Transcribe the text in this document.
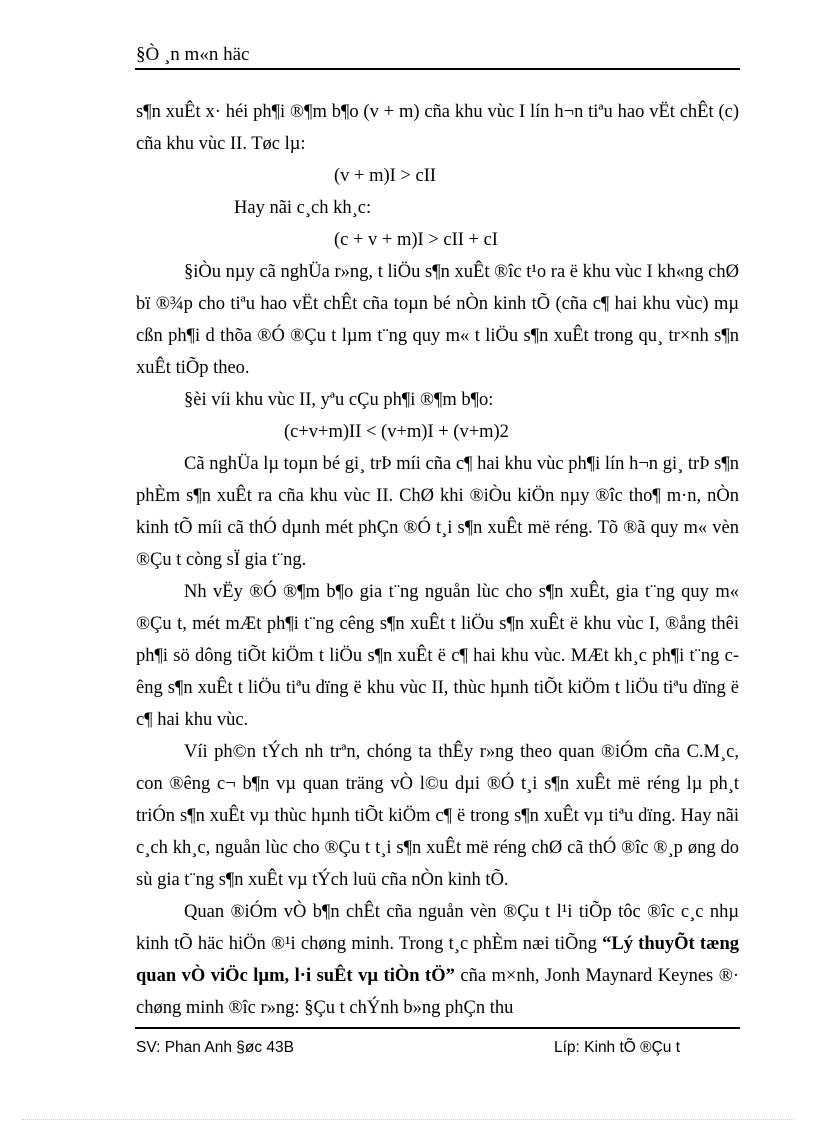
§Ò ¸n m«n häc

s¶n xuÊt x· héi ph¶i ®¶m b¶o (v + m) cña khu vùc I lín h¬n tiªu hao vËt chÊt (c) cña khu vùc II. Tøc lµ:

(v + m)I > cII

Hay nãi c¸ch kh¸c:

(c + v + m)I > cII + cI

§iÒu nµy cã nghÜa r»ng, t liÖu s¶n xuÊt ®îc t¹o ra ë khu vùc I kh«ng chØ bï ®¾p cho tiªu hao vËt chÊt cña toµn bé nÒn kinh tÕ (cña c¶ hai khu vùc) mµ cßn ph¶i d thõa ®Ó ®Çu t lµm t¨ng quy m« t liÖu s¶n xuÊt trong qu¸ tr×nh s¶n xuÊt tiÕp theo.

§èi víi khu vùc II, yªu cÇu ph¶i ®¶m b¶o:

(c+v+m)II < (v+m)I + (v+m)2

Cã nghÜa lµ toµn bé gi¸ trÞ míi cña c¶ hai khu vùc ph¶i lín h¬n gi¸ trÞ s¶n phÈm s¶n xuÊt ra cña khu vùc II. ChØ khi ®iÒu kiÖn nµy ®îc tho¶ m·n, nÒn kinh tÕ míi cã thÓ dµnh mét phÇn ®Ó t¸i s¶n xuÊt më réng. Tõ ®ã quy m« vèn ®Çu t còng sÏ gia t¨ng.

Nh vËy ®Ó ®¶m b¶o gia t¨ng nguån lùc cho s¶n xuÊt, gia t¨ng quy m« ®Çu t, mét mÆt ph¶i t¨ng cêng s¶n xuÊt t liÖu s¶n xuÊt ë khu vùc I, ®ång thêi ph¶i sö dông tiÕt kiÖm t liÖu s¶n xuÊt ë c¶ hai khu vùc. MÆt kh¸c ph¶i t¨ng cêng s¶n xuÊt t liÖu tiªu dïng ë khu vùc II, thùc hµnh tiÕt kiÖm t liÖu tiªu dïng ë c¶ hai khu vùc.

Víi ph©n tÝch nh trªn, chóng ta thÊy r»ng theo quan ®iÓm cña C.M¸c, con ®êng c¬ b¶n vµ quan träng vÒ l©u dµi ®Ó t¸i s¶n xuÊt më réng lµ ph¸t triÓn s¶n xuÊt vµ thùc hµnh tiÕt kiÖm c¶ ë trong s¶n xuÊt vµ tiªu dïng. Hay nãi c¸ch kh¸c, nguån lùc cho ®Çu t t¸i s¶n xuÊt më réng chØ cã thÓ ®îc ®¸p øng do sù gia t¨ng s¶n xuÊt vµ tÝch luü cña nÒn kinh tÕ.

Quan ®iÓm vÒ b¶n chÊt cña nguån vèn ®Çu t l¹i tiÕp tôc ®îc c¸c nhµ kinh tÕ häc hiÖn ®¹i chøng minh. Trong t¸c phÈm næi tiÕng “Lý thuyÕt tæng quan vÒ viÖc lµm, l·i suÊt vµ tiÒn tÖ” cña m×nh, Jonh Maynard Keynes ®· chøng minh ®îc r»ng: §Çu t chÝnh b»ng phÇn thu

SV: Phan Anh §øc 43B	Líp: Kinh tÕ ®Çu t
